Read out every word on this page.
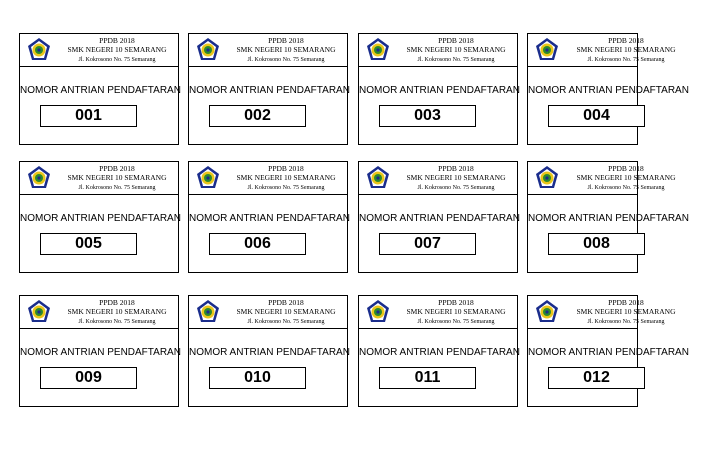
PPDB 2018
SMK NEGERI 10 SEMARANG
Jl. Kokrosono No. 75 Semarang
NOMOR ANTRIAN PENDAFTARAN
001
PPDB 2018
SMK NEGERI 10 SEMARANG
Jl. Kokrosono No. 75 Semarang
NOMOR ANTRIAN PENDAFTARAN
002
PPDB 2018
SMK NEGERI 10 SEMARANG
Jl. Kokrosono No. 75 Semarang
NOMOR ANTRIAN PENDAFTARAN
003
PPDB 2018
SMK NEGERI 10 SEMARANG
Jl. Kokrosono No. 75 Semarang
NOMOR ANTRIAN PENDAFTARAN
004
PPDB 2018
SMK NEGERI 10 SEMARANG
Jl. Kokrosono No. 75 Semarang
NOMOR ANTRIAN PENDAFTARAN
005
PPDB 2018
SMK NEGERI 10 SEMARANG
Jl. Kokrosono No. 75 Semarang
NOMOR ANTRIAN PENDAFTARAN
006
PPDB 2018
SMK NEGERI 10 SEMARANG
Jl. Kokrosono No. 75 Semarang
NOMOR ANTRIAN PENDAFTARAN
007
PPDB 2018
SMK NEGERI 10 SEMARANG
Jl. Kokrosono No. 75 Semarang
NOMOR ANTRIAN PENDAFTARAN
008
PPDB 2018
SMK NEGERI 10 SEMARANG
Jl. Kokrosono No. 75 Semarang
NOMOR ANTRIAN PENDAFTARAN
009
PPDB 2018
SMK NEGERI 10 SEMARANG
Jl. Kokrosono No. 75 Semarang
NOMOR ANTRIAN PENDAFTARAN
010
PPDB 2018
SMK NEGERI 10 SEMARANG
Jl. Kokrosono No. 75 Semarang
NOMOR ANTRIAN PENDAFTARAN
011
PPDB 2018
SMK NEGERI 10 SEMARANG
Jl. Kokrosono No. 75 Semarang
NOMOR ANTRIAN PENDAFTARAN
012
